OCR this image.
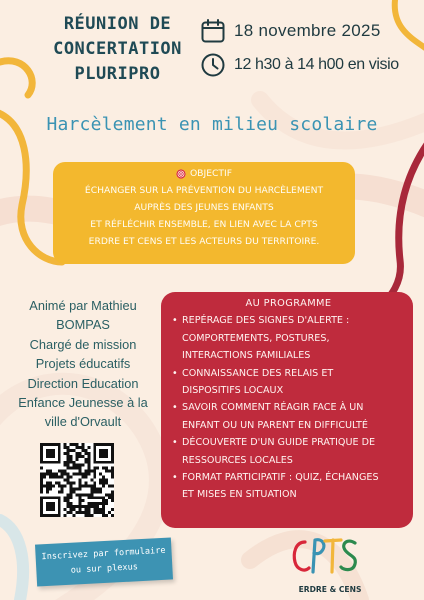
RÉUNION DE
CONCERTATION
PLURIPRO
18 novembre 2025
12 h30 à 14 h00 en visio
Harcèlement en milieu scolaire
OBJECTIF
ÉCHANGER SUR LA PRÉVENTION DU HARCÈLEMENT
AUPRÈS DES JEUNES ENFANTS
ET RÉFLÉCHIR ENSEMBLE, EN LIEN AVEC LA CPTS
ERDRE ET CENS ET LES ACTEURS DU TERRITOIRE.
Animé par Mathieu
BOMPAS
Chargé de mission
Projets éducatifs
Direction Education
Enfance Jeunesse à la
ville d'Orvault
AU PROGRAMME
• REPÉRAGE DES SIGNES D'ALERTE :
COMPORTEMENTS, POSTURES,
INTERACTIONS FAMILIALES
• CONNAISSANCE DES RELAIS ET
DISPOSITIFS LOCAUX
• SAVOIR COMMENT RÉAGIR FACE À UN
ENFANT OU UN PARENT EN DIFFICULTÉ
• DÉCOUVERTE D'UN GUIDE PRATIQUE DE
RESSOURCES LOCALES
• FORMAT PARTICIPATIF : QUIZ, ÉCHANGES
ET MISES EN SITUATION
Inscrivez par formulaire
ou sur plexus
ERDRE & CENS
